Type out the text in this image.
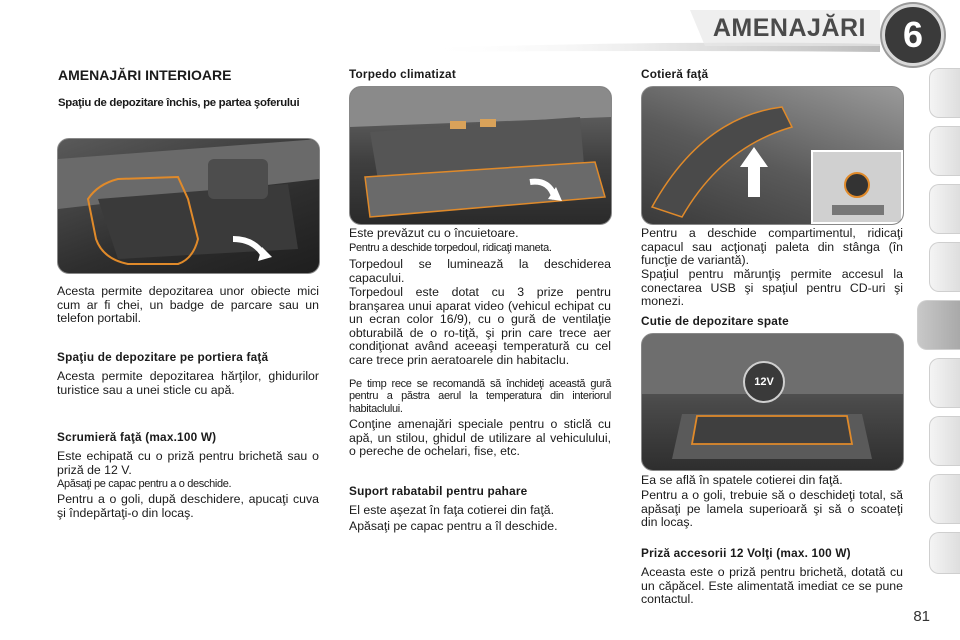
AMENAJĂRI	6
AMENAJĂRI INTERIOARE
Spaţiu de depozitare închis, pe partea şoferului

Acesta permite depozitarea unor obiecte mici cum ar fi chei, un badge de parcare sau un telefon portabil.

Spaţiu de depozitare pe portiera faţă

Acesta permite depozitarea hărţilor, ghidurilor turistice sau a unei sticle cu apă.

Scrumieră faţă (max.100 W)

Este echipată cu o priză pentru brichetă sau o priză de 12 V.

Apăsaţi pe capac pentru a o deschide.

Pentru a o goli, după deschidere, apucaţi cuva şi îndepărtaţi-o din locaş.

Torpedo climatizat

Este prevăzut cu o încuietoare.

Pentru a deschide torpedoul, ridicaţi maneta.

Torpedoul se luminează la deschiderea capacului.

Torpedoul este dotat cu 3 prize pentru branşarea unui aparat video (vehicul echipat cu un ecran color 16/9), cu o gură de ventilaţie obturabilă de o ro-tiţă, şi prin care trece aer condiţionat având aceeaşi temperatură cu cel care trece prin aeratoarele din habitaclu.

Pe timp rece se recomandă să închideţi această gură pentru a păstra aerul la temperatura din interiorul habitaclului.

Conţine amenajări speciale pentru o sticlă cu apă, un stilou, ghidul de utilizare al vehiculului, o pereche de ochelari, fise, etc.

Suport rabatabil pentru pahare

El este aşezat în faţa cotierei din faţă.

Apăsaţi pe capac pentru a îl deschide.

Cotieră faţă

Pentru a deschide compartimentul, ridicaţi capacul sau acţionaţi paleta din stânga (în funcţie de variantă).

Spaţiul pentru mărunţiş permite accesul la conectarea USB şi spaţiul pentru CD-uri şi monezi.

Cutie de depozitare spate
12V

Ea se află în spatele cotierei din faţă.

Pentru a o goli, trebuie să o deschideţi total, să apăsaţi pe lamela superioară şi să o scoateţi din locaş.

Priză accesorii 12 Volţi (max. 100 W)

Aceasta este o priză pentru brichetă, dotată cu un căpăcel. Este alimentată imediat ce se pune contactul.

81
